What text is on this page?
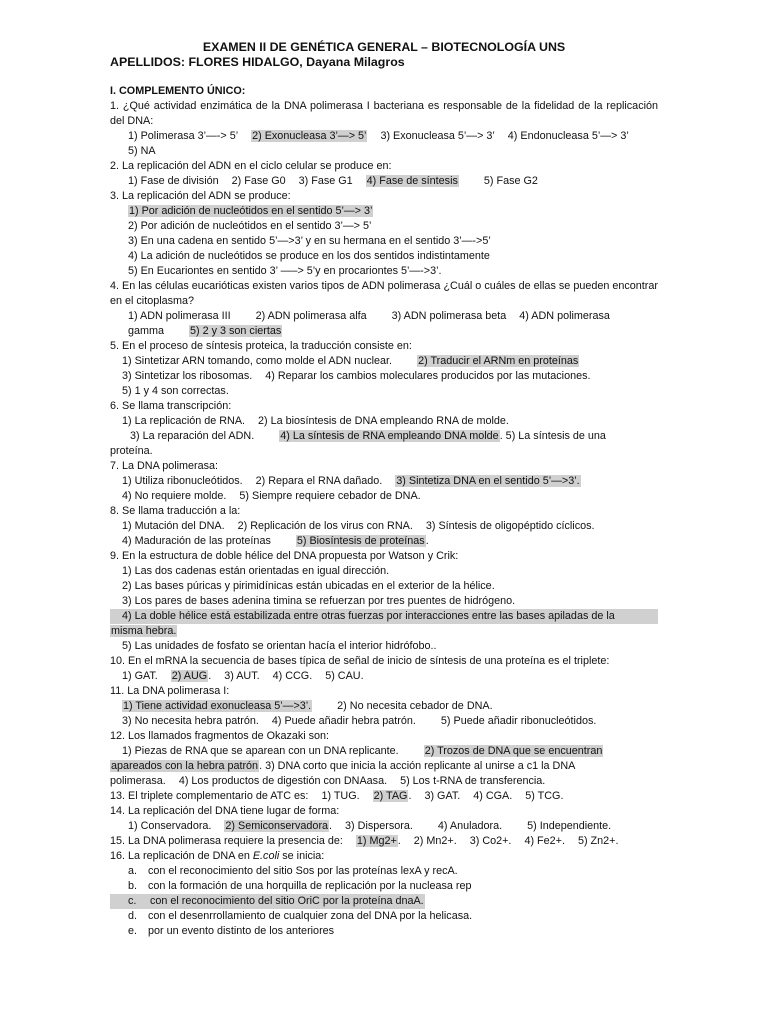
EXAMEN II DE GENÉTICA GENERAL – BIOTECNOLOGÍA UNS
APELLIDOS: FLORES HIDALGO, Dayana Milagros
I. COMPLEMENTO ÚNICO:
1. ¿Qué actividad enzimática de la DNA polimerasa I bacteriana es responsable de la fidelidad de la replicación del DNA:
1) Polimerasa 3’—-> 5’ 2) Exonucleasa 3’—> 5’ 3) Exonucleasa 5’—> 3’ 4) Endonucleasa 5’—> 3’
5) NA
2. La replicación del ADN en el ciclo celular se produce en:
1) Fase de división 2) Fase G0 3) Fase G1 4) Fase de síntesis 5) Fase G2
3. La replicación del ADN se produce:
1) Por adición de nucleótidos en el sentido 5’—> 3’
2) Por adición de nucleótidos en el sentido 3’—> 5’
3) En una cadena en sentido 5’—>3’ y en su hermana en el sentido 3’—->5’
4) La adición de nucleótidos se produce en los dos sentidos indistintamente
5) En Eucariontes en sentido 3’ —–> 5’y en procariontes 5’—->3’.
4. En las células eucarióticas existen varios tipos de ADN polimerasa ¿Cuál o cuáles de ellas se pueden encontrar en el citoplasma?
1) ADN polimerasa III 2) ADN polimerasa alfa 3) ADN polimerasa beta 4) ADN polimerasa
gamma 5) 2 y 3 son ciertas
5. En el proceso de síntesis proteica, la traducción consiste en:
1) Sintetizar ARN tomando, como molde el ADN nuclear. 2) Traducir el ARNm en proteínas
3) Sintetizar los ribosomas. 4) Reparar los cambios moleculares producidos por las mutaciones.
5) 1 y 4 son correctas.
6. Se llama transcripción:
1) La replicación de RNA. 2) La biosíntesis de DNA empleando RNA de molde.
3) La reparación del ADN. 4) La síntesis de RNA empleando DNA molde. 5) La síntesis de una
proteína.
7. La DNA polimerasa:
1) Utiliza ribonucleótidos. 2) Repara el RNA dañado. 3) Sintetiza DNA en el sentido 5’—>3’.
4) No requiere molde. 5) Siempre requiere cebador de DNA.
8. Se llama traducción a la:
1) Mutación del DNA. 2) Replicación de los virus con RNA. 3) Síntesis de oligopéptido cíclicos.
4) Maduración de las proteínas 5) Biosíntesis de proteínas.
9. En la estructura de doble hélice del DNA propuesta por Watson y Crik:
1) Las dos cadenas están orientadas en igual dirección.
2) Las bases púricas y pirimidínicas están ubicadas en el exterior de la hélice.
3) Los pares de bases adenina timina se refuerzan por tres puentes de hidrógeno.
4) La doble hélice está estabilizada entre otras fuerzas por interacciones entre las bases apiladas de la
misma hebra.
5) Las unidades de fosfato se orientan hacía el interior hidrófobo..
10. En el mRNA la secuencia de bases típica de señal de inicio de síntesis de una proteína es el triplete:
1) GAT. 2) AUG. 3) AUT. 4) CCG. 5) CAU.
11. La DNA polimerasa I:
1) Tiene actividad exonucleasa 5’—>3’. 2) No necesita cebador de DNA.
3) No necesita hebra patrón. 4) Puede añadir hebra patrón. 5) Puede añadir ribonucleótidos.
12. Los llamados fragmentos de Okazaki son:
1) Piezas de RNA que se aparean con un DNA replicante. 2) Trozos de DNA que se encuentran
apareados con la hebra patrón. 3) DNA corto que inicia la acción replicante al unirse a c1 la DNA
polimerasa. 4) Los productos de digestión con DNAasa. 5) Los t-RNA de transferencia.
13. El triplete complementario de ATC es: 1) TUG. 2) TAG. 3) GAT. 4) CGA. 5) TCG.
14. La replicación del DNA tiene lugar de forma:
1) Conservadora. 2) Semiconservadora. 3) Dispersora. 4) Anuladora. 5) Independiente.
15. La DNA polimerasa requiere la presencia de: 1) Mg2+. 2) Mn2+. 3) Co2+. 4) Fe2+. 5) Zn2+.
16. La replicación de DNA en E.coli se inicia:
a.	con el reconocimiento del sitio Sos por las proteínas lexA y recA.
b.	con la formación de una horquilla de replicación por la nucleasa rep
c.	con el reconocimiento del sitio OriC por la proteína dnaA.
d.	con el desenrrollamiento de cualquier zona del DNA por la helicasa.
e.	por un evento distinto de los anteriores
